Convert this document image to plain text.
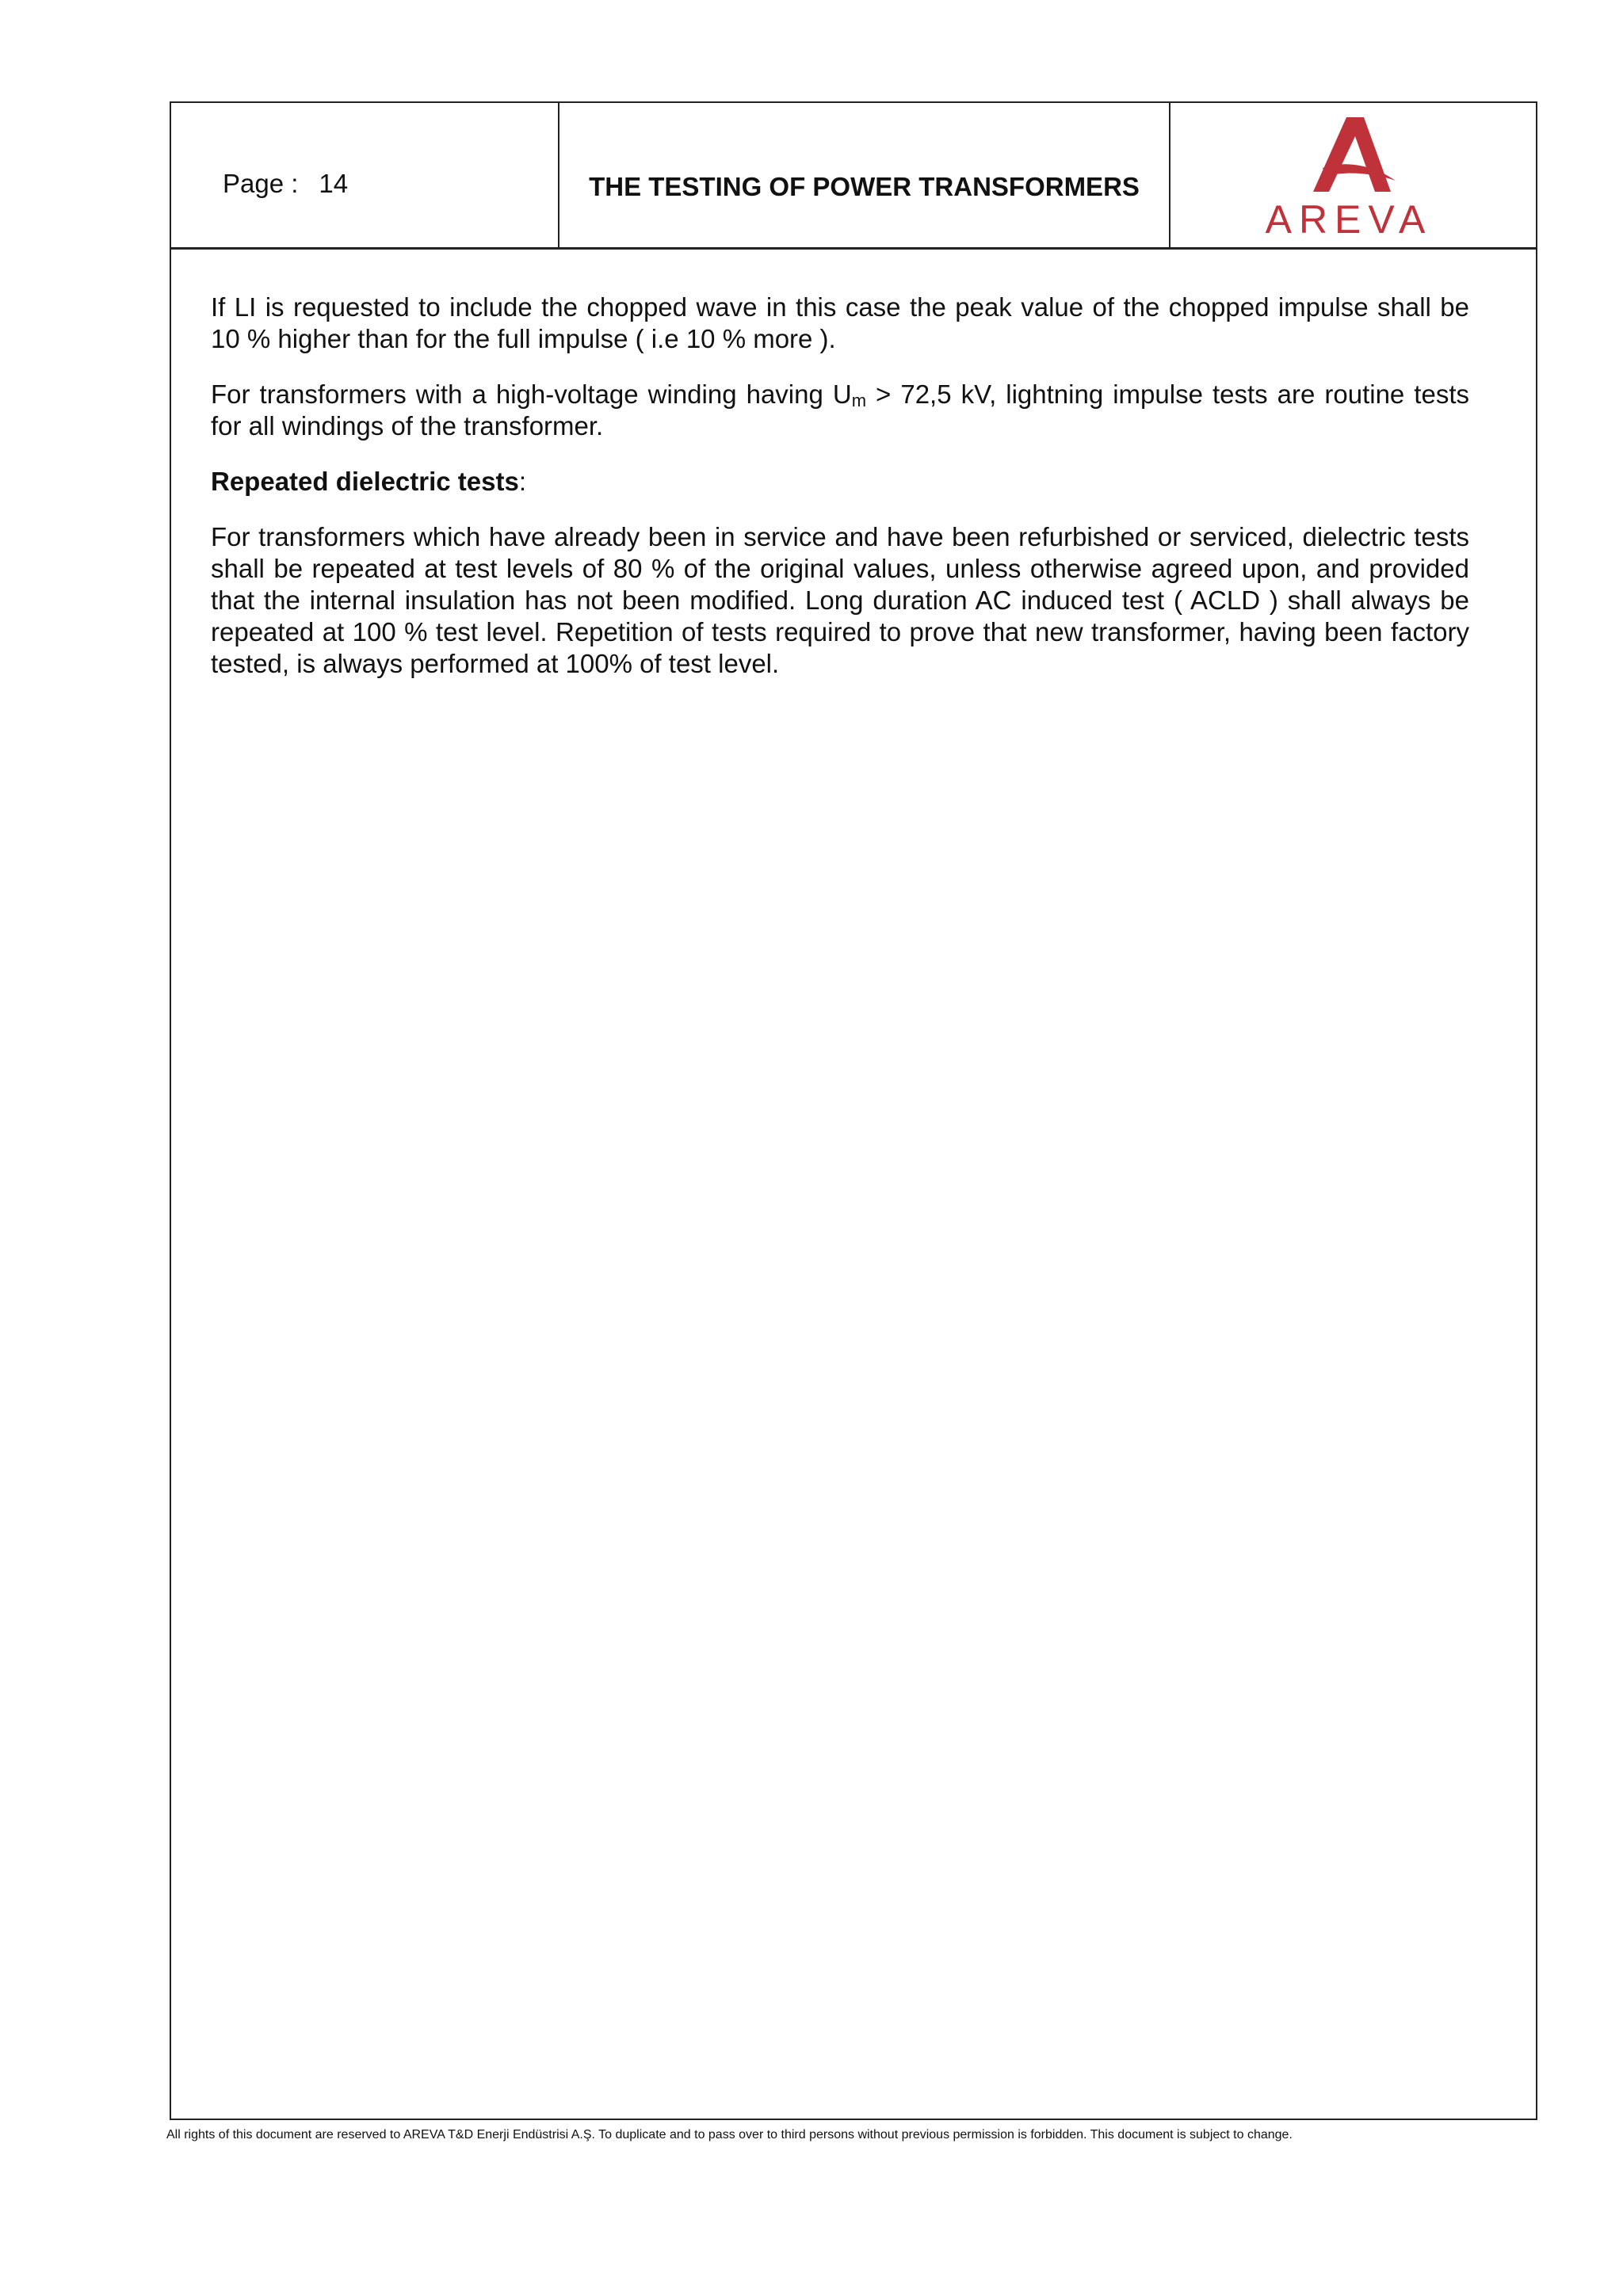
Page : 14	THE TESTING OF POWER TRANSFORMERS
AREVA

If LI is requested to include the chopped wave in this case the peak value of the chopped impulse shall be 10 % higher than for the full impulse ( i.e 10 % more ).

For transformers with a high-voltage winding having $U_m > 72,5$ kV, lightning impulse tests are routine tests for all windings of the transformer.

Repeated dielectric tests:

For transformers which have already been in service and have been refurbished or serviced, dielectric tests shall be repeated at test levels of 80 % of the original values, unless otherwise agreed upon, and provided that the internal insulation has not been modified. Long duration AC induced test ( ACLD ) shall always be repeated at 100 % test level. Repetition of tests required to prove that new transformer, having been factory tested, is always performed at 100% of test level.

All rights of this document are reserved to AREVA T&D Enerji Endüstrisi A.Ş. To duplicate and to pass over to third persons without previous permission is forbidden. This document is subject to change.
